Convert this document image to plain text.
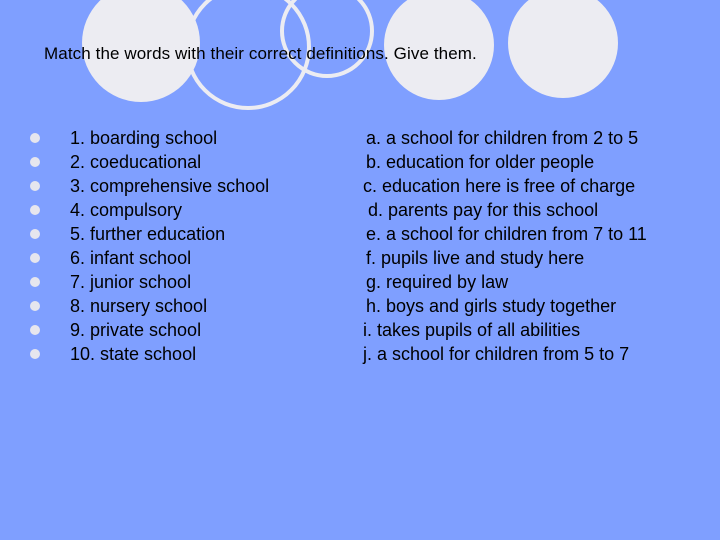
Match the words with their correct definitions. Give them.
1. boarding school
2. coeducational
3. comprehensive school
4. compulsory
5. further education
6. infant school
7. junior school
8. nursery school
9. private school
10. state school
a. a school for children from 2 to 5
b. education for older people
c. education here is free of charge
d. parents pay for this school
e. a school for children from 7 to 11
f. pupils live and study here
g. required by law
h. boys and girls study together
i. takes pupils of all abilities
j. a school for children from 5 to 7
